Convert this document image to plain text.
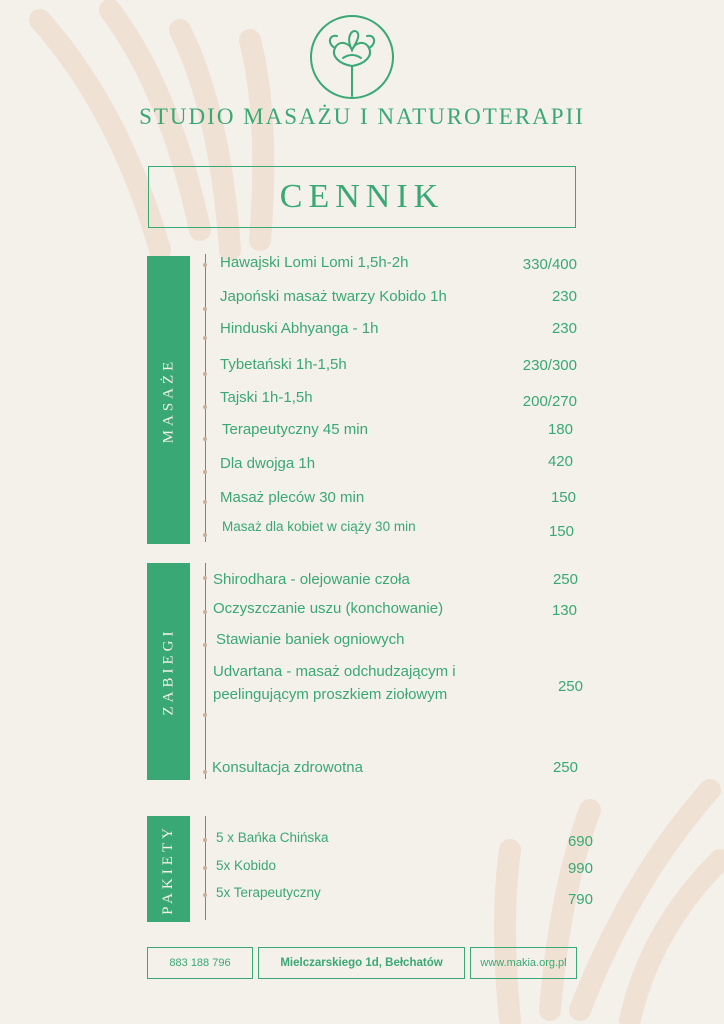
STUDIO MASAŻU I NATUROTERAPII
CENNIK
MASAŻE
Hawajski Lomi Lomi 1,5h-2h	330/400
Japoński masaż twarzy Kobido 1h	230
Hinduski Abhyanga - 1h	230
Tybetański 1h-1,5h	230/300
Tajski 1h-1,5h	200/270
Terapeutyczny 45 min	180
Dla dwojga 1h	420
Masaż pleców 30 min	150
Masaż dla kobiet w ciąży 30 min	150
ZABIEGI
Shirodhara - olejowanie czoła	250
Oczyszczanie uszu (konchowanie)	130
Stawianie baniek ogniowych
Udvartana - masaż odchudzającym i peelingującym proszkiem ziołowym	250
Konsultacja zdrowotna	250
PAKIETY	5 x Bańka Chińska	690
5x Kobido	990
5x Terapeutyczny	790
883 188 796	Mielczarskiego 1d, Bełchatów	www.makia.org.pl
